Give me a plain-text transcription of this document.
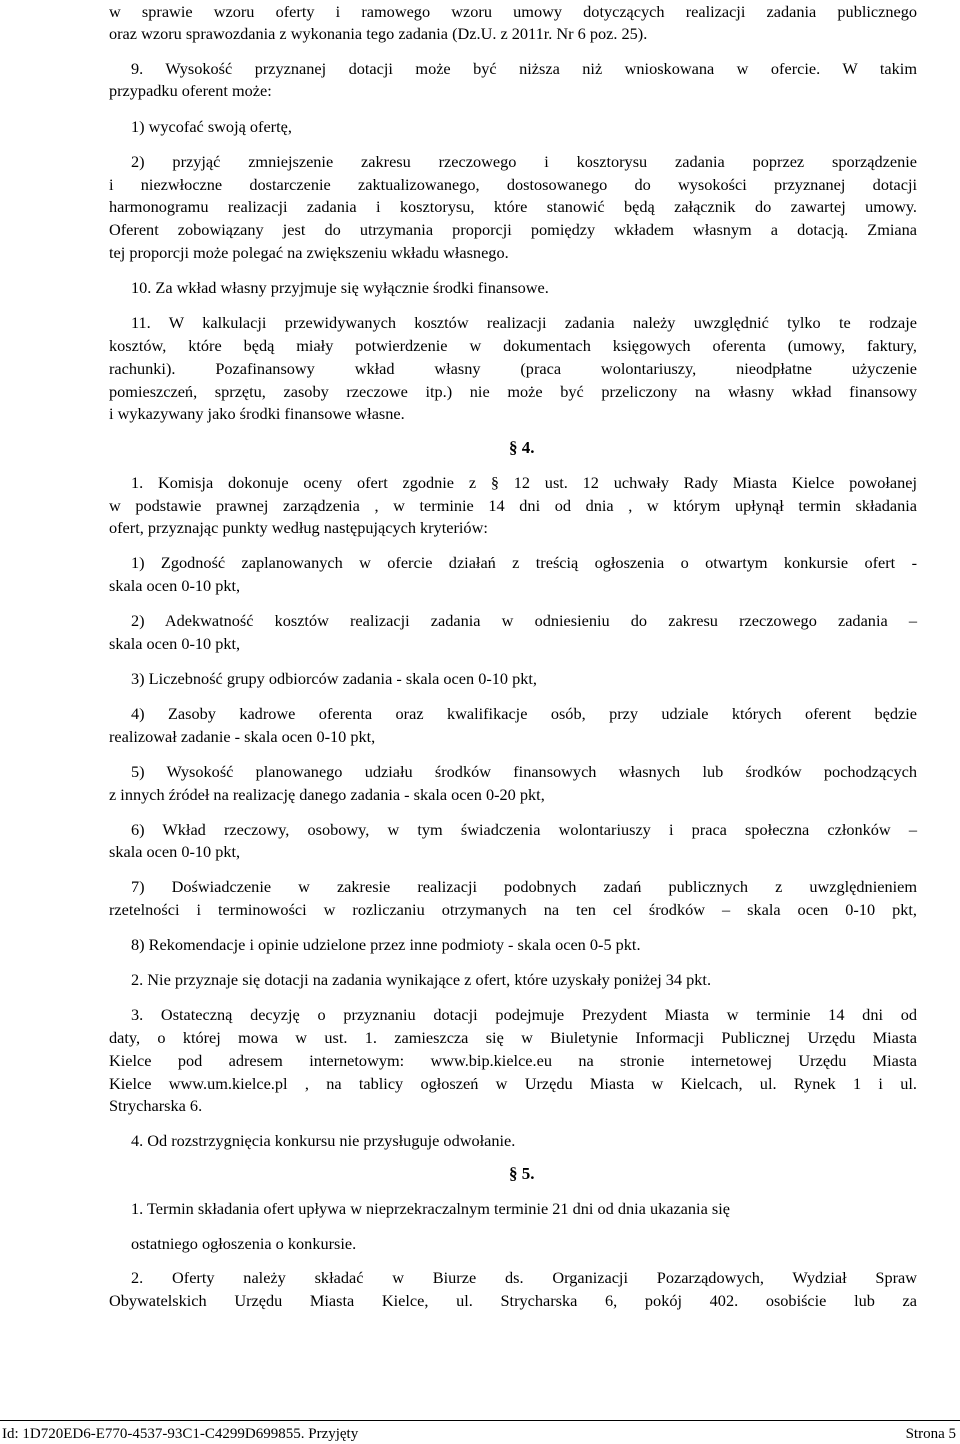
w sprawie wzoru oferty i ramowego wzoru umowy dotyczących realizacji zadania publicznego
oraz wzoru sprawozdania z wykonania tego zadania (Dz.U. z 2011r. Nr 6 poz. 25).
9. Wysokość przyznanej dotacji może być niższa niż wnioskowana w ofercie. W takim
przypadku oferent może:
1) wycofać swoją ofertę,
2) przyjąć zmniejszenie zakresu rzeczowego i kosztorysu zadania poprzez sporządzenie
i niezwłoczne dostarczenie zaktualizowanego, dostosowanego do wysokości przyznanej dotacji
harmonogramu realizacji zadania i kosztorysu, które stanowić będą załącznik do zawartej umowy.
Oferent zobowiązany jest do utrzymania proporcji pomiędzy wkładem własnym a dotacją. Zmiana
tej proporcji może polegać na zwiększeniu wkładu własnego.
10. Za wkład własny przyjmuje się wyłącznie środki finansowe.
11. W kalkulacji przewidywanych kosztów realizacji zadania należy uwzględnić tylko te rodzaje
kosztów, które będą miały potwierdzenie w dokumentach księgowych oferenta (umowy, faktury,
rachunki). Pozafinansowy wkład własny (praca wolontariuszy, nieodpłatne użyczenie
pomieszczeń, sprzętu, zasoby rzeczowe itp.) nie może być przeliczony na własny wkład finansowy
i wykazywany jako środki finansowe własne.
§ 4.
1. Komisja dokonuje oceny ofert zgodnie z § 12 ust. 12 uchwały Rady Miasta Kielce powołanej
w podstawie prawnej zarządzenia , w terminie 14 dni od dnia , w którym upłynął termin składania
ofert, przyznając punkty według następujących kryteriów:
1) Zgodność zaplanowanych w ofercie działań z treścią ogłoszenia o otwartym konkursie ofert -
skala ocen 0-10 pkt,
2) Adekwatność kosztów realizacji zadania w odniesieniu do zakresu rzeczowego zadania –
skala ocen 0-10 pkt,
3) Liczebność grupy odbiorców zadania - skala ocen 0-10 pkt,
4) Zasoby kadrowe oferenta oraz kwalifikacje osób, przy udziale których oferent będzie
realizował zadanie - skala ocen 0-10 pkt,
5) Wysokość planowanego udziału środków finansowych własnych lub środków pochodzących
z innych źródeł na realizację danego zadania - skala ocen 0-20 pkt,
6) Wkład rzeczowy, osobowy, w tym świadczenia wolontariuszy i praca społeczna członków –
skala ocen 0-10 pkt,
7) Doświadczenie w zakresie realizacji podobnych zadań publicznych z uwzględnieniem
rzetelności i terminowości w rozliczaniu otrzymanych na ten cel środków – skala ocen 0-10 pkt,
8) Rekomendacje i opinie udzielone przez inne podmioty - skala ocen 0-5 pkt.
2. Nie przyznaje się dotacji na zadania wynikające z ofert, które uzyskały poniżej 34 pkt.
3. Ostateczną decyzję o przyznaniu dotacji podejmuje Prezydent Miasta w terminie 14 dni od
daty, o której mowa w ust. 1. zamieszcza się w Biuletynie Informacji Publicznej Urzędu Miasta
Kielce pod adresem internetowym: www.bip.kielce.eu na stronie internetowej Urzędu Miasta
Kielce www.um.kielce.pl , na tablicy ogłoszeń w Urzędu Miasta w Kielcach, ul. Rynek 1 i ul.
Strycharska 6.
4. Od rozstrzygnięcia konkursu nie przysługuje odwołanie.
§ 5.
1. Termin składania ofert upływa w nieprzekraczalnym terminie 21 dni od dnia ukazania się
ostatniego ogłoszenia o konkursie.
2. Oferty należy składać w Biurze ds. Organizacji Pozarządowych, Wydział Spraw
Obywatelskich Urzędu Miasta Kielce, ul. Strycharska 6, pokój 402. osobiście lub za
Id: 1D720ED6-E770-4537-93C1-C4299D699855. Przyjęty	Strona 5
